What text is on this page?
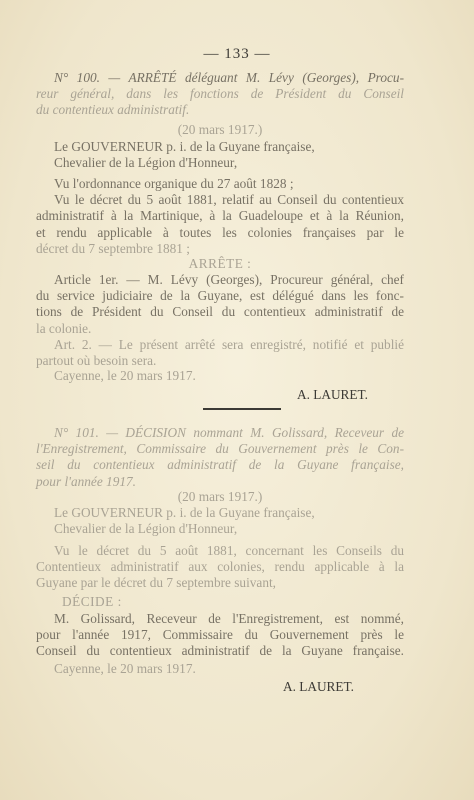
— 133 —
N° 100. — ARRÊTÉ déléguant M. Lévy (Georges), Procu-
reur général, dans les fonctions de Président du Conseil
du contentieux administratif.
(20 mars 1917.)
Le GOUVERNEUR p. i. de la Guyane française,
Chevalier de la Légion d'Honneur,
Vu l'ordonnance organique du 27 août 1828 ;
Vu le décret du 5 août 1881, relatif au Conseil du contentieux
administratif à la Martinique, à la Guadeloupe et à la Réunion,
et rendu applicable à toutes les colonies françaises par le
décret du 7 septembre 1881 ;
ARRÊTE :
Article 1er. — M. Lévy (Georges), Procureur général, chef
du service judiciaire de la Guyane, est délégué dans les fonc-
tions de Président du Conseil du contentieux administratif de
la colonie.
Art. 2. — Le présent arrêté sera enregistré, notifié et publié
partout où besoin sera.
Cayenne, le 20 mars 1917.
A. LAURET.
N° 101. — DÉCISION nommant M. Golissard, Receveur de
l'Enregistrement, Commissaire du Gouvernement près le Con-
seil du contentieux administratif de la Guyane française,
pour l'année 1917.
(20 mars 1917.)
Le GOUVERNEUR p. i. de la Guyane française,
Chevalier de la Légion d'Honneur,
Vu le décret du 5 août 1881, concernant les Conseils du
Contentieux administratif aux colonies, rendu applicable à la
Guyane par le décret du 7 septembre suivant,
DÉCIDE :
M. Golissard, Receveur de l'Enregistrement, est nommé,
pour l'année 1917, Commissaire du Gouvernement près le
Conseil du contentieux administratif de la Guyane française.
Cayenne, le 20 mars 1917.
A. LAURET.
